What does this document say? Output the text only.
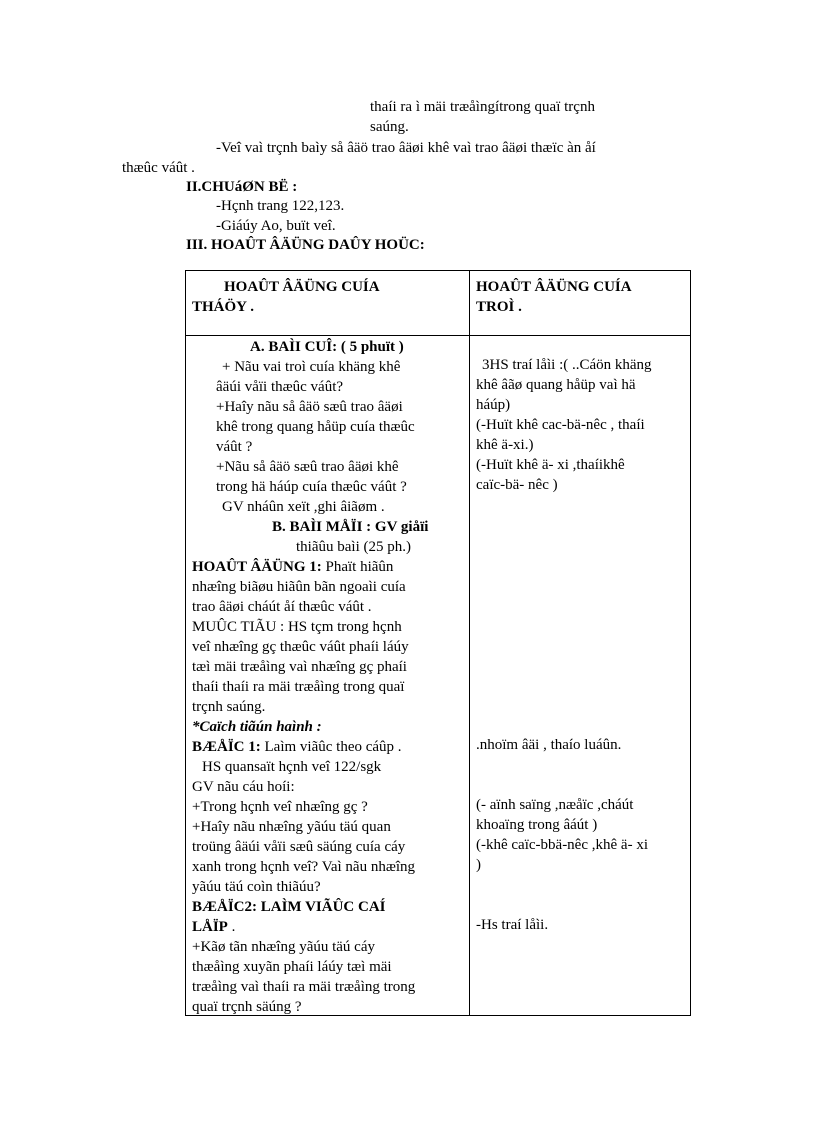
thaíi ra ì mäi træåìngítrong quaï trçnh
saúng.
-Veî vaì trçnh baìy så âäö trao âäøi khê vaì trao âäøi thæïc àn åí
thæûc váût .
II.CHUáØN BË :
-Hçnh trang 122,123.
-Giáúy Ao, buït veî.
III. HOAÛT ÂÄÜNG DAÛY HOÜC:
HOAÛT ÂÄÜNG CUÍA
THÁÖY .
HOAÛT ÂÄÜNG CUÍA
TROÌ .
A. BAÌI CUÎ: ( 5 phuït )
+ Nãu vai troì cuía khäng khê
âäúi våïi thæûc váût?
+Haîy nãu så âäö sæû trao âäøi
khê trong quang håüp cuía thæûc
váût ?
+Nãu så âäö sæû trao âäøi khê
trong hä háúp cuía thæûc váût ?
GV nháûn xeït ,ghi âiãøm .
B. BAÌI MÅÏI : GV giåïi
thiãûu baìi (25 ph.)
HOAÛT ÂÄÜNG 1: Phaït hiãûn
nhæîng biãøu hiãûn bãn ngoaìi cuía
trao âäøi cháút åí thæûc váût .
MUÛC TIÃU : HS tçm trong hçnh
veî nhæîng gç thæûc váût phaíi láúy
tæì mäi træåìng vaì nhæîng gç phaíi
thaíi thaíi ra mäi træåìng trong quaï
trçnh saúng.
*Caïch tiãún haình :
BÆÅÏC 1: Laìm viãûc theo cáûp .
HS quansaït hçnh veî 122/sgk
GV nãu cáu hoíi:
+Trong hçnh veî nhæîng gç ?
+Haîy nãu nhæîng yãúu täú quan
troüng âäúi våïi sæû säúng cuía cáy
xanh trong hçnh veî? Vaì nãu nhæîng
yãúu täú coìn thiãúu?
BÆÅÏC2: LAÌM VIÃÛC CAÍ
LÅÏP .
+Kãø tãn nhæîng yãúu täú cáy
thæåìng xuyãn phaíi láúy tæì mäi
træåìng vaì thaíi ra mäi træåìng trong
quaï trçnh säúng ?
3HS traí låìi :( ..Cáön khäng
khê âãø quang håüp vaì hä
háúp)
(-Huït khê cac-bä-nêc , thaíi
khê ä-xi.)
(-Huït khê ä- xi ,thaíikhê
caïc-bä- nêc )
.nhoïm âäi , thaío luáûn.
(- aïnh saïng ,næåïc ,cháút
khoaïng trong âáút )
(-khê caïc-bbä-nêc ,khê ä- xi
)
-Hs traí låìi.
